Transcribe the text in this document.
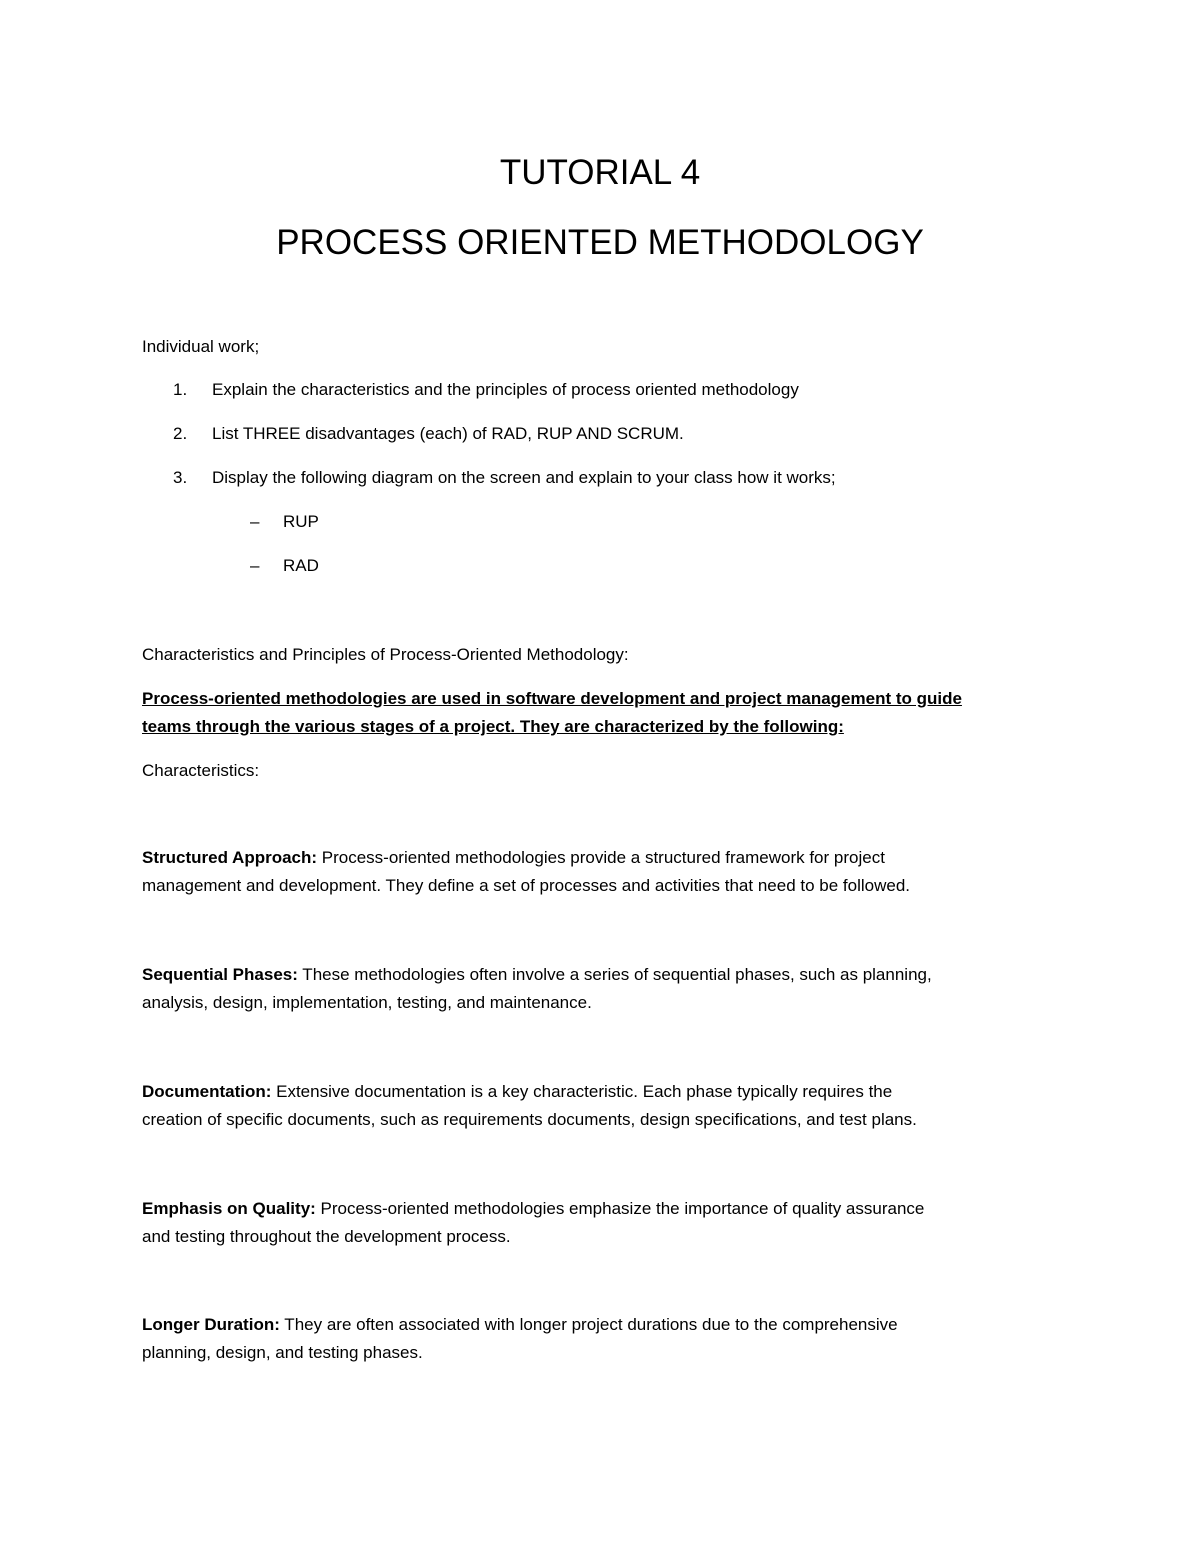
TUTORIAL 4
PROCESS ORIENTED METHODOLOGY

Individual work;

1. Explain the characteristics and the principles of process oriented methodology
2. List THREE disadvantages (each) of RAD, RUP AND SCRUM.
3. Display the following diagram on the screen and explain to your class how it works;
– RUP
– RAD

Characteristics and Principles of Process-Oriented Methodology:

Process-oriented methodologies are used in software development and project management to guide

teams through the various stages of a project. They are characterized by the following:

Characteristics:

Structured Approach: Process-oriented methodologies provide a structured framework for project
management and development. They define a set of processes and activities that need to be followed.
Sequential Phases: These methodologies often involve a series of sequential phases, such as planning,
analysis, design, implementation, testing, and maintenance.
Documentation: Extensive documentation is a key characteristic. Each phase typically requires the
creation of specific documents, such as requirements documents, design specifications, and test plans.
Emphasis on Quality: Process-oriented methodologies emphasize the importance of quality assurance
and testing throughout the development process.
Longer Duration: They are often associated with longer project durations due to the comprehensive
planning, design, and testing phases.
